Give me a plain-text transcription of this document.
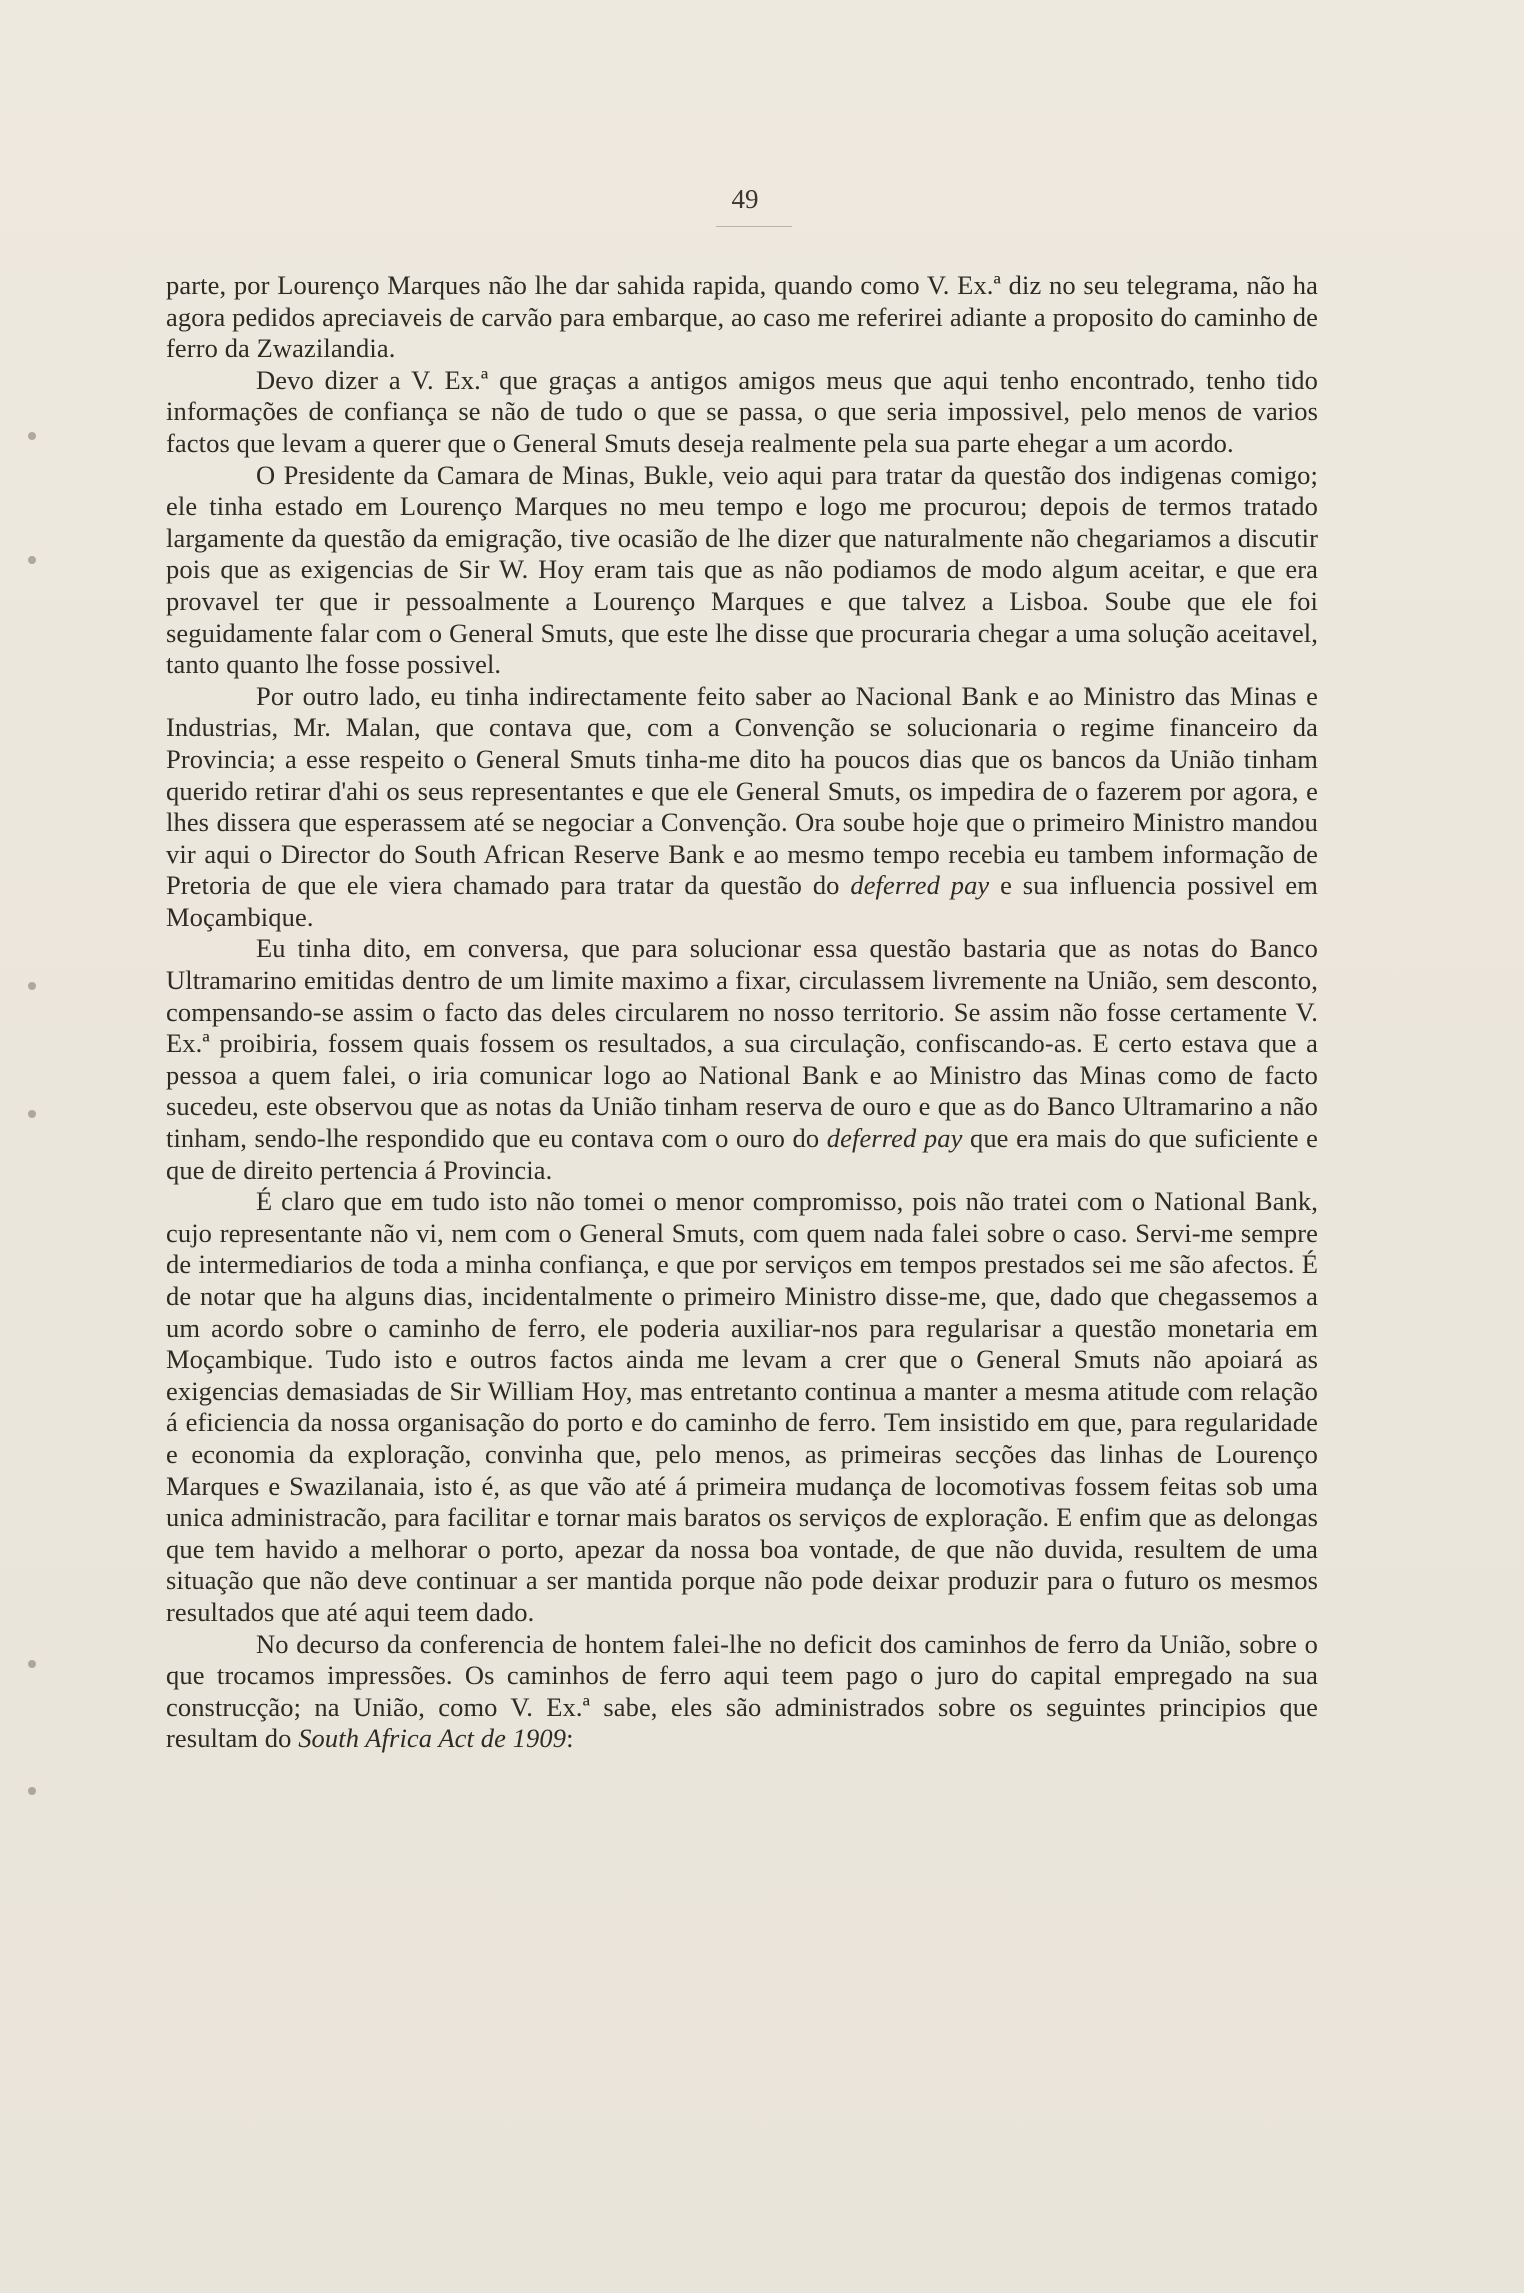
49

parte, por Lourenço Marques não lhe dar sahida rapida, quando como V. Ex.ª diz no seu telegrama, não ha agora pedidos apreciaveis de carvão para embarque, ao caso me referirei adiante a proposito do caminho de ferro da Zwazilandia.

Devo dizer a V. Ex.ª que graças a antigos amigos meus que aqui tenho encontrado, tenho tido informações de confiança se não de tudo o que se passa, o que seria impossivel, pelo menos de varios factos que levam a querer que o General Smuts deseja realmente pela sua parte ehegar a um acordo.

O Presidente da Camara de Minas, Bukle, veio aqui para tratar da questão dos indigenas comigo; ele tinha estado em Lourenço Marques no meu tempo e logo me procurou; depois de termos tratado largamente da questão da emigração, tive ocasião de lhe dizer que naturalmente não chegariamos a discutir pois que as exigencias de Sir W. Hoy eram tais que as não podiamos de modo algum aceitar, e que era provavel ter que ir pessoalmente a Lourenço Marques e que talvez a Lisboa. Soube que ele foi seguidamente falar com o General Smuts, que este lhe disse que procuraria chegar a uma solução aceitavel, tanto quanto lhe fosse possivel.

Por outro lado, eu tinha indirectamente feito saber ao Nacional Bank e ao Ministro das Minas e Industrias, Mr. Malan, que contava que, com a Convenção se solucionaria o regime financeiro da Provincia; a esse respeito o General Smuts tinha-me dito ha poucos dias que os bancos da União tinham querido retirar d'ahi os seus representantes e que ele General Smuts, os impedira de o fazerem por agora, e lhes dissera que esperassem até se negociar a Convenção. Ora soube hoje que o primeiro Ministro mandou vir aqui o Director do South African Reserve Bank e ao mesmo tempo recebia eu tambem informação de Pretoria de que ele viera chamado para tratar da questão do deferred pay e sua influencia possivel em Moçambique.

Eu tinha dito, em conversa, que para solucionar essa questão bastaria que as notas do Banco Ultramarino emitidas dentro de um limite maximo a fixar, circulassem livremente na União, sem desconto, compensando-se assim o facto das deles circularem no nosso territorio. Se assim não fosse certamente V. Ex.ª proibiria, fossem quais fossem os resultados, a sua circulação, confiscando-as. E certo estava que a pessoa a quem falei, o iria comunicar logo ao National Bank e ao Ministro das Minas como de facto sucedeu, este observou que as notas da União tinham reserva de ouro e que as do Banco Ultramarino a não tinham, sendo-lhe respondido que eu contava com o ouro do deferred pay que era mais do que suficiente e que de direito pertencia á Provincia.

É claro que em tudo isto não tomei o menor compromisso, pois não tratei com o National Bank, cujo representante não vi, nem com o General Smuts, com quem nada falei sobre o caso. Servi-me sempre de intermediarios de toda a minha confiança, e que por serviços em tempos prestados sei me são afectos. É de notar que ha alguns dias, incidentalmente o primeiro Ministro disse-me, que, dado que chegassemos a um acordo sobre o caminho de ferro, ele poderia auxiliar-nos para regularisar a questão monetaria em Moçambique. Tudo isto e outros factos ainda me levam a crer que o General Smuts não apoiará as exigencias demasiadas de Sir William Hoy, mas entretanto continua a manter a mesma atitude com relação á eficiencia da nossa organisação do porto e do caminho de ferro. Tem insistido em que, para regularidade e economia da exploração, convinha que, pelo menos, as primeiras secções das linhas de Lourenço Marques e Swazilanaia, isto é, as que vão até á primeira mudança de locomotivas fossem feitas sob uma unica administracão, para facilitar e tornar mais baratos os serviços de exploração. E enfim que as delongas que tem havido a melhorar o porto, apezar da nossa boa vontade, de que não duvida, resultem de uma situação que não deve continuar a ser mantida porque não pode deixar produzir para o futuro os mesmos resultados que até aqui teem dado.

No decurso da conferencia de hontem falei-lhe no deficit dos caminhos de ferro da União, sobre o que trocamos impressões. Os caminhos de ferro aqui teem pago o juro do capital empregado na sua construcção; na União, como V. Ex.ª sabe, eles são administrados sobre os seguintes principios que resultam do South Africa Act de 1909:
